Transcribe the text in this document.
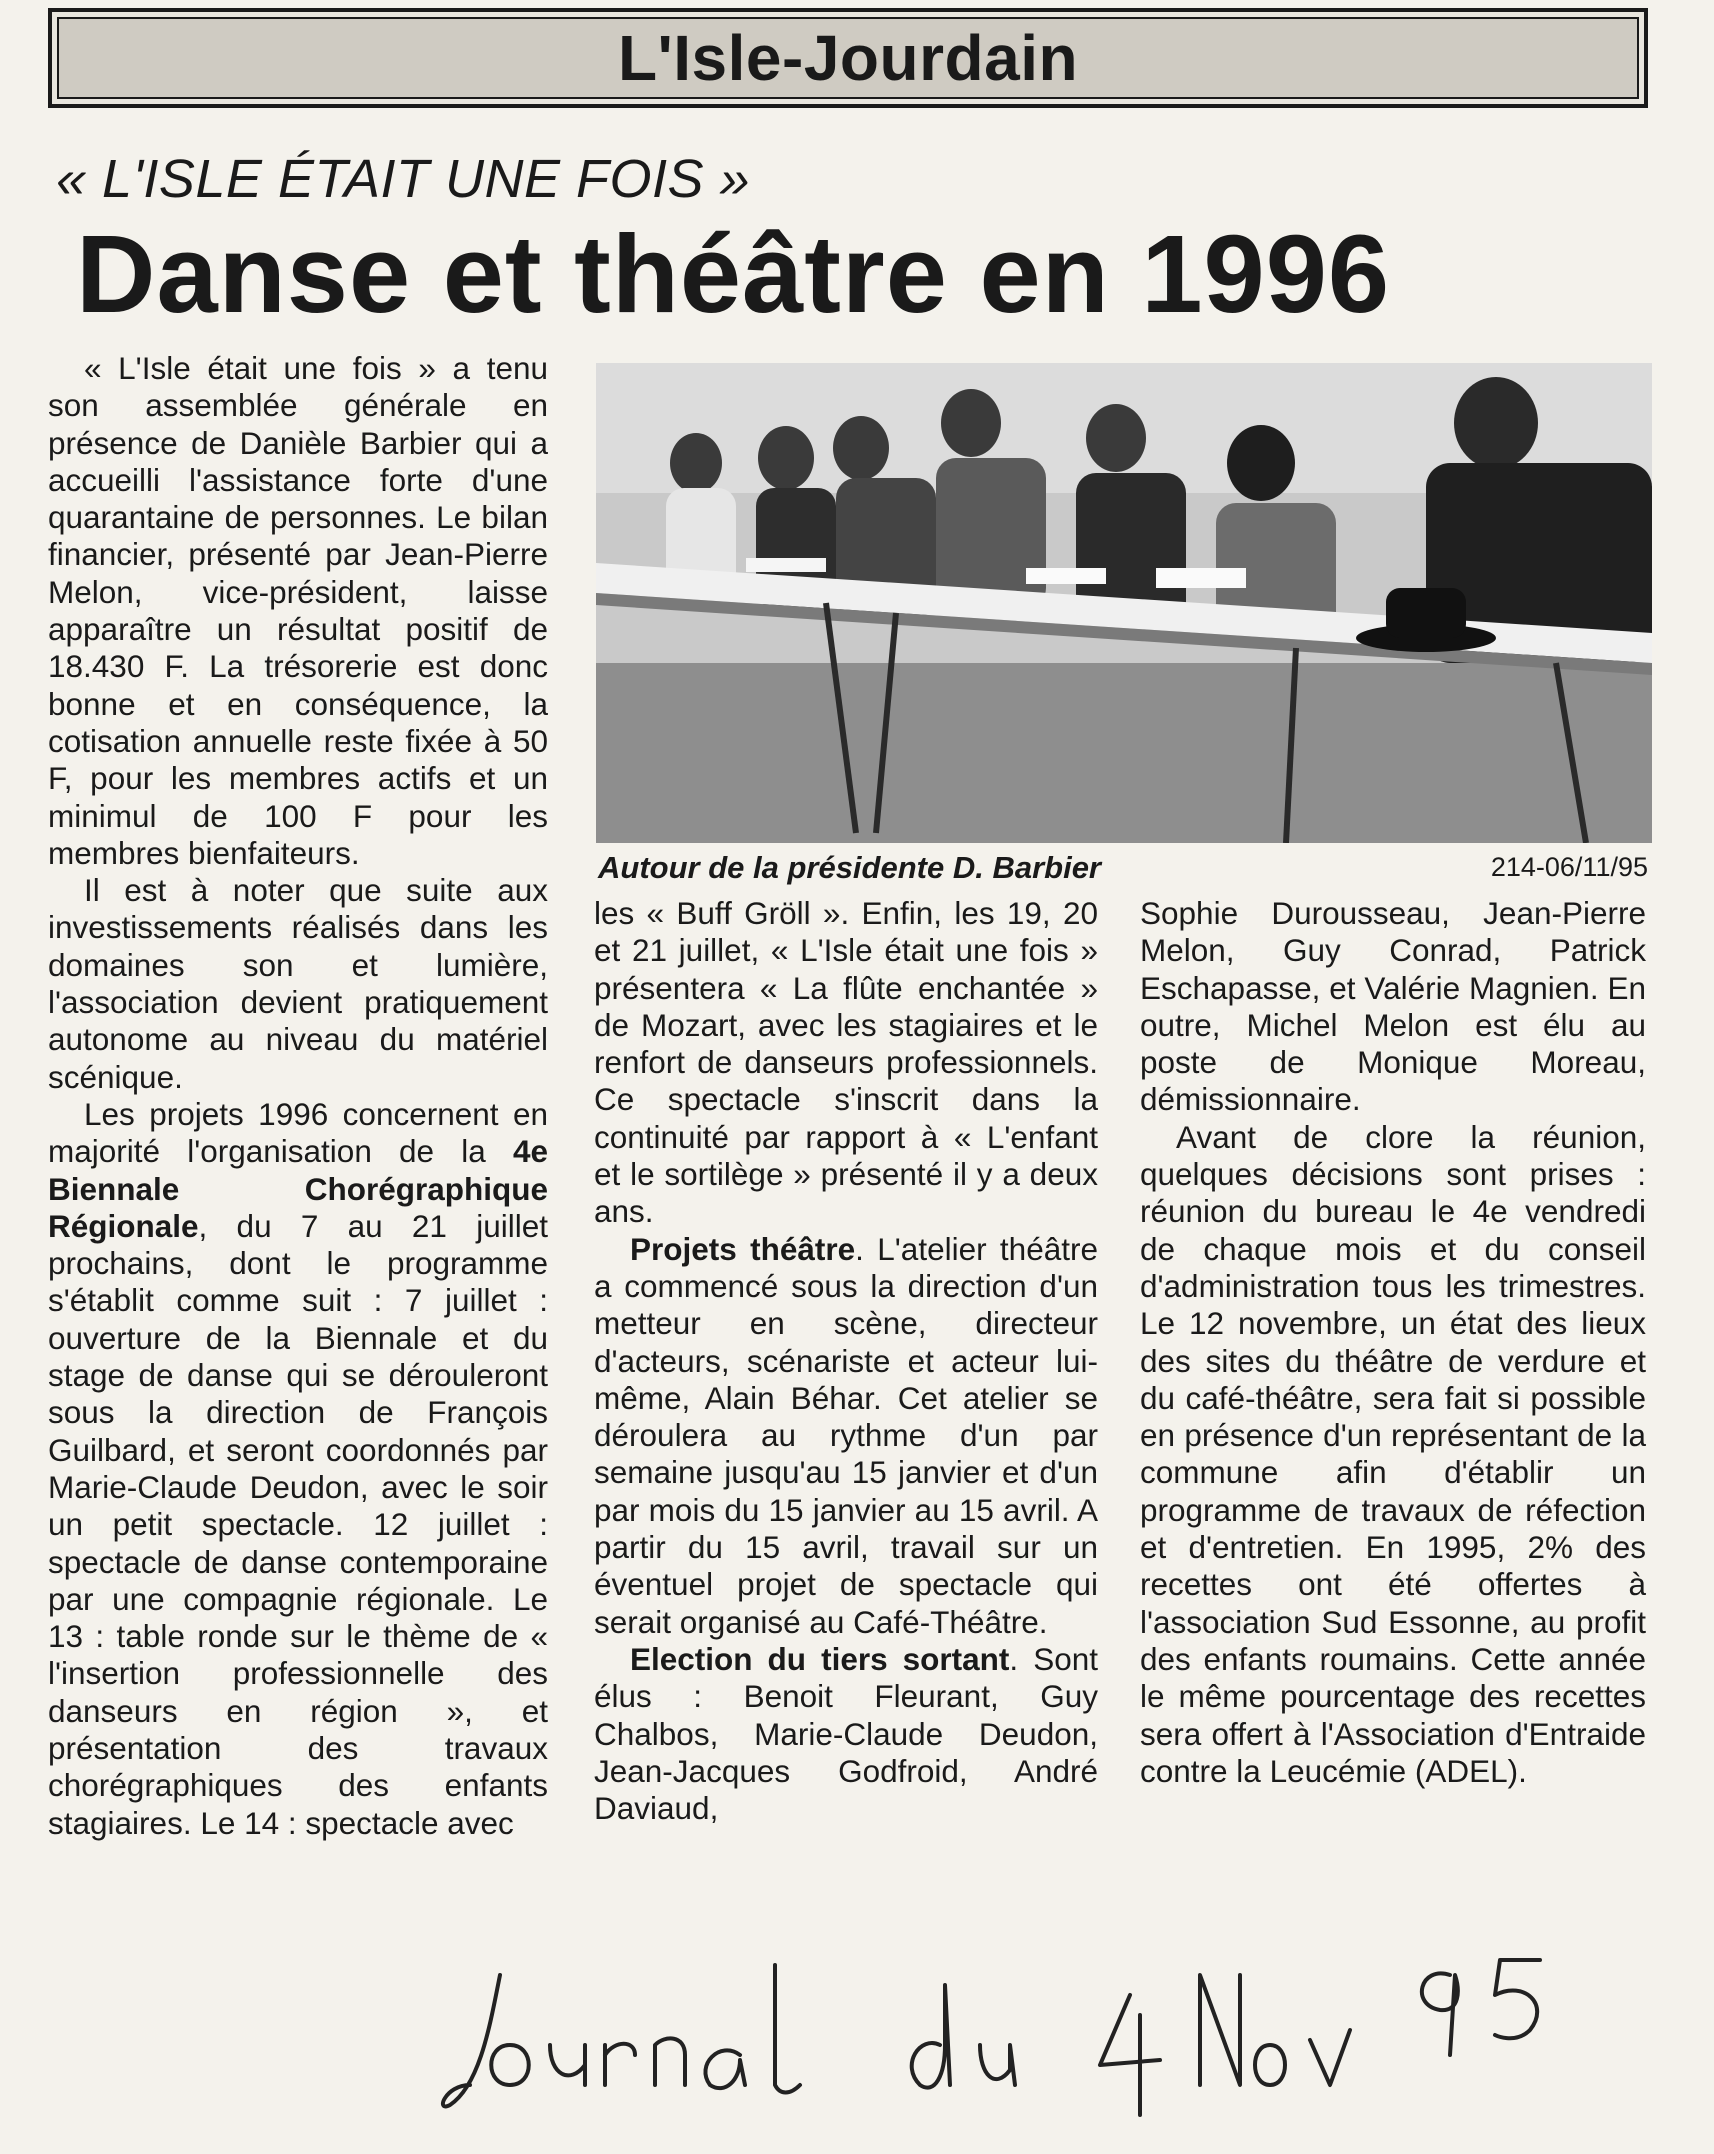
L'Isle-Jourdain
« L'ISLE ÉTAIT UNE FOIS »
Danse et théâtre en 1996

« L'Isle était une fois » a tenu son assemblée générale en présence de Danièle Barbier qui a accueilli l'assistance forte d'une quarantaine de personnes. Le bilan financier, présenté par Jean-Pierre Melon, vice-président, laisse apparaître un résultat positif de 18.430 F. La trésorerie est donc bonne et en conséquence, la cotisation annuelle reste fixée à 50 F, pour les membres actifs et un minimul de 100 F pour les membres bienfaiteurs.

Il est à noter que suite aux investissements réalisés dans les domaines son et lumière, l'association devient pratiquement autonome au niveau du matériel scénique.

Les projets 1996 concernent en majorité l'organisation de la 4e Biennale Chorégraphique Régionale, du 7 au 21 juillet prochains, dont le programme s'établit comme suit : 7 juillet : ouverture de la Biennale et du stage de danse qui se dérouleront sous la direction de François Guilbard, et seront coordonnés par Marie-Claude Deudon, avec le soir un petit spectacle. 12 juillet : spectacle de danse contemporaine par une compagnie régionale. Le 13 : table ronde sur le thème de « l'insertion professionnelle des danseurs en région », et présentation des travaux chorégraphiques des enfants stagiaires. Le 14 : spectacle avec

Autour de la présidente D. Barbier	214-06/11/95

les « Buff Gröll ». Enfin, les 19, 20 et 21 juillet, « L'Isle était une fois » présentera « La flûte enchantée » de Mozart, avec les stagiaires et le renfort de danseurs professionnels. Ce spectacle s'inscrit dans la continuité par rapport à « L'enfant et le sortilège » présenté il y a deux ans.

Projets théâtre. L'atelier théâtre a commencé sous la direction d'un metteur en scène, directeur d'acteurs, scénariste et acteur lui-même, Alain Béhar. Cet atelier se déroulera au rythme d'un par semaine jusqu'au 15 janvier et d'un par mois du 15 janvier au 15 avril. A partir du 15 avril, travail sur un éventuel projet de spectacle qui serait organisé au Café-Théâtre.

Election du tiers sortant. Sont élus : Benoit Fleurant, Guy Chalbos, Marie-Claude Deudon, Jean-Jacques Godfroid, André Daviaud,

Sophie Durousseau, Jean-Pierre Melon, Guy Conrad, Patrick Eschapasse, et Valérie Magnien. En outre, Michel Melon est élu au poste de Monique Moreau, démissionnaire.

Avant de clore la réunion, quelques décisions sont prises : réunion du bureau le 4e vendredi de chaque mois et du conseil d'administration tous les trimestres. Le 12 novembre, un état des lieux des sites du théâtre de verdure et du café-théâtre, sera fait si possible en présence d'un représentant de la commune afin d'établir un programme de travaux de réfection et d'entretien. En 1995, 2% des recettes ont été offertes à l'association Sud Essonne, au profit des enfants roumains. Cette année le même pourcentage des recettes sera offert à l'Association d'Entraide contre la Leucémie (ADEL).
